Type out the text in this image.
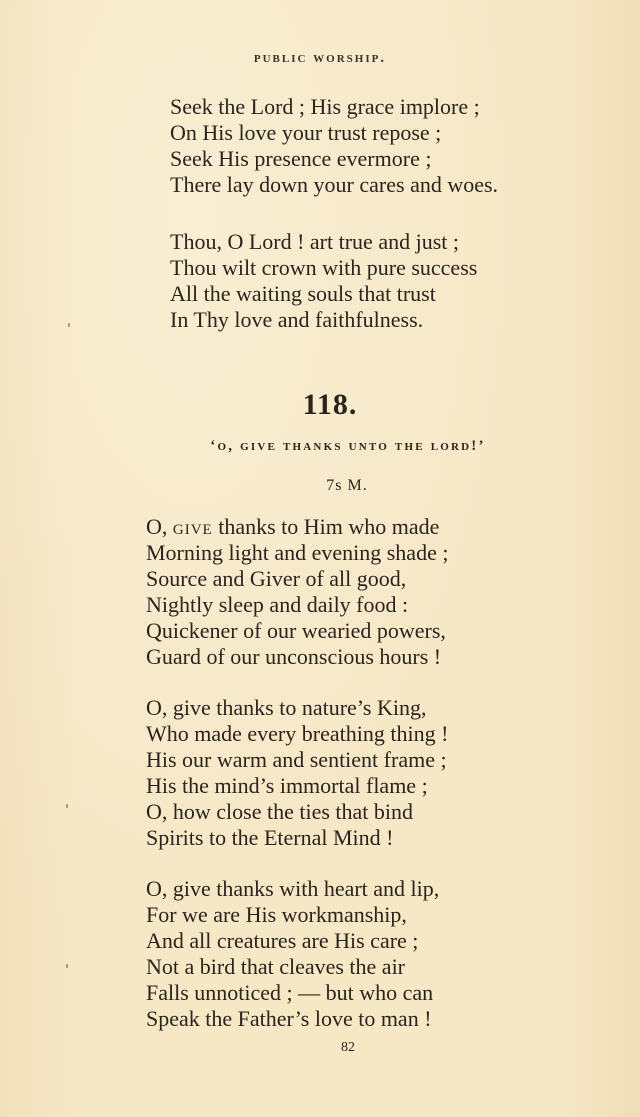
public worship.
Seek the Lord ; His grace implore ;
On His love your trust repose ;
Seek His presence evermore ;
There lay down your cares and woes.
Thou, O Lord ! art true and just ;
Thou wilt crown with pure success
All the waiting souls that trust
In Thy love and faithfulness.
118.
‘o, give thanks unto the lord!’
7s M.
O, give thanks to Him who made
Morning light and evening shade ;
Source and Giver of all good,
Nightly sleep and daily food :
Quickener of our wearied powers,
Guard of our unconscious hours !
O, give thanks to nature’s King,
Who made every breathing thing !
His our warm and sentient frame ;
His the mind’s immortal flame ;
O, how close the ties that bind
Spirits to the Eternal Mind !
O, give thanks with heart and lip,
For we are His workmanship,
And all creatures are His care ;
Not a bird that cleaves the air
Falls unnoticed ; — but who can
Speak the Father’s love to man !
82
